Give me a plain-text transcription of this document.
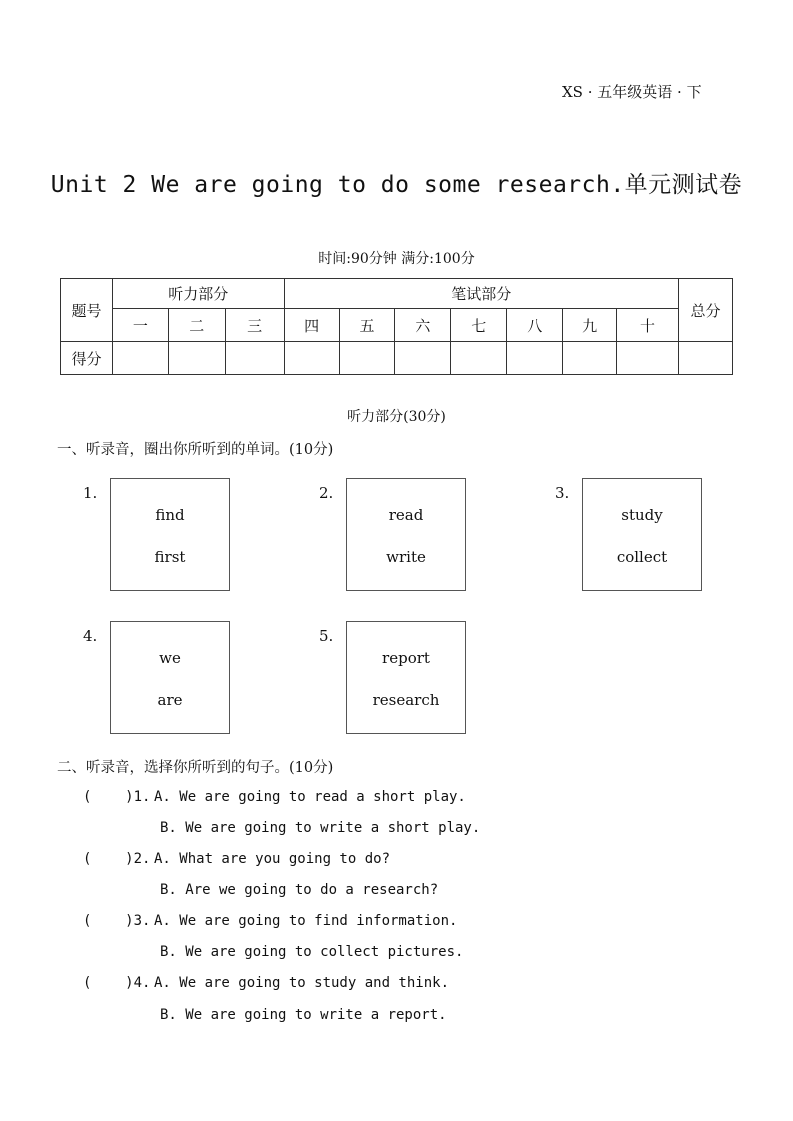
XS · 五年级英语 · 下
Unit 2 We are going to do some research.单元测试卷
时间:90分钟 满分:100分
题号	听力部分			笔试部分							总分
	一	二	三	四	五	六	七	八	九	十	
得分											
听力部分(30分)
一、听录音，圈出你所听到的单词。(10分)
1.
find
first
2.
read
write
3.
study
collect
4.
we
are
5.
report
research
二、听录音，选择你所听到的句子。(10分)
(    )1. A. We are going to read a short play.
B. We are going to write a short play.
(    )2. A. What are you going to do?
B. Are we going to do a research?
(    )3. A. We are going to find information.
B. We are going to collect pictures.
(    )4. A. We are going to study and think.
B. We are going to write a report.
